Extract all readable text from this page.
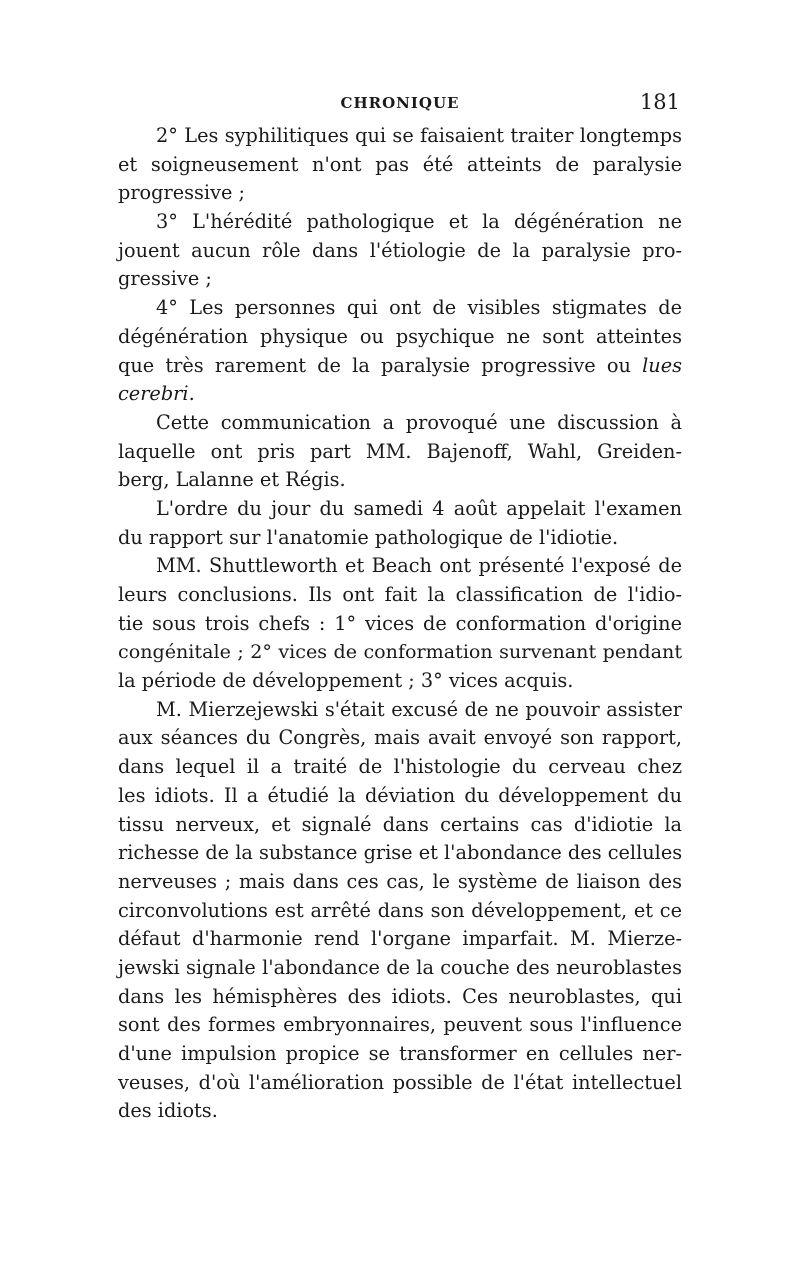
CHRONIQUE	181
2° Les syphilitiques qui se faisaient traiter longtemps
et soigneusement n'ont pas été atteints de paralysie
progressive ;
3° L'hérédité pathologique et la dégénération ne
jouent aucun rôle dans l'étiologie de la paralysie pro-
gressive ;
4° Les personnes qui ont de visibles stigmates de
dégénération physique ou psychique ne sont atteintes
que très rarement de la paralysie progressive ou lues
cerebri.
Cette communication a provoqué une discussion à
laquelle ont pris part MM. Bajenoff, Wahl, Greiden-
berg, Lalanne et Régis.
L'ordre du jour du samedi 4 août appelait l'examen
du rapport sur l'anatomie pathologique de l'idiotie.
MM. Shuttleworth et Beach ont présenté l'exposé de
leurs conclusions. Ils ont fait la classification de l'idio-
tie sous trois chefs : 1° vices de conformation d'origine
congénitale ; 2° vices de conformation survenant pendant
la période de développement ; 3° vices acquis.
M. Mierzejewski s'était excusé de ne pouvoir assister
aux séances du Congrès, mais avait envoyé son rapport,
dans lequel il a traité de l'histologie du cerveau chez
les idiots. Il a étudié la déviation du développement du
tissu nerveux, et signalé dans certains cas d'idiotie la
richesse de la substance grise et l'abondance des cellules
nerveuses ; mais dans ces cas, le système de liaison des
circonvolutions est arrêté dans son développement, et ce
défaut d'harmonie rend l'organe imparfait. M. Mierze-
jewski signale l'abondance de la couche des neuroblastes
dans les hémisphères des idiots. Ces neuroblastes, qui
sont des formes embryonnaires, peuvent sous l'influence
d'une impulsion propice se transformer en cellules ner-
veuses, d'où l'amélioration possible de l'état intellectuel
des idiots.
